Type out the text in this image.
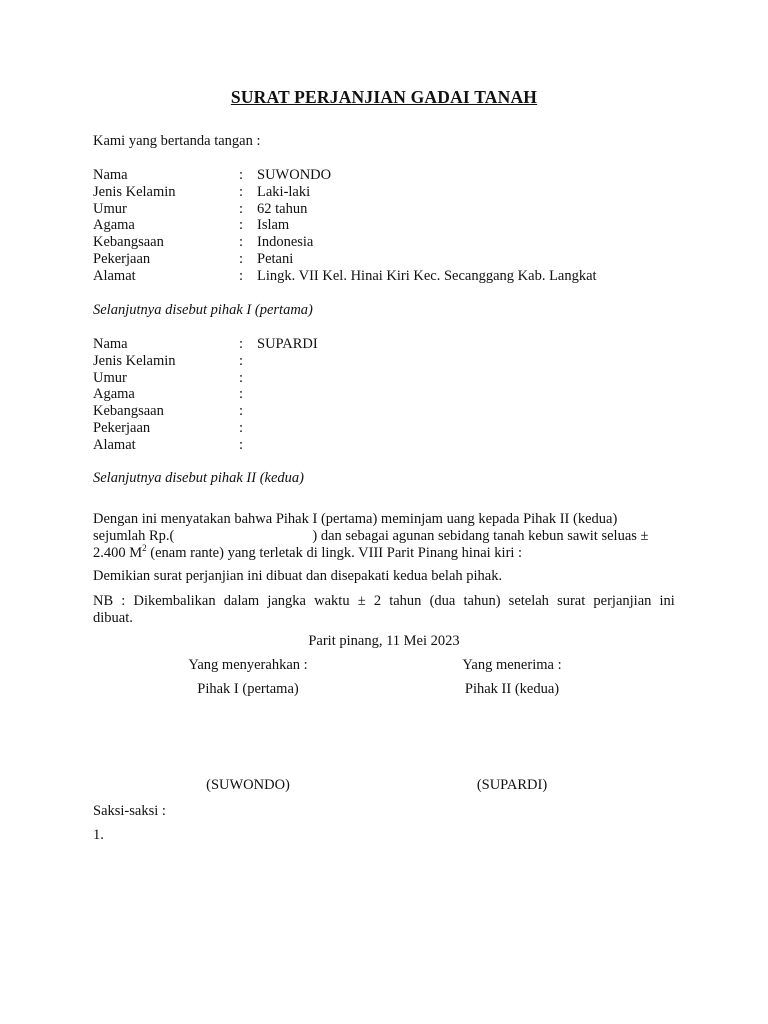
SURAT PERJANJIAN GADAI TANAH
Kami yang bertanda tangan :
Nama	: SUWONDO
Jenis Kelamin	: Laki-laki
Umur	: 62 tahun
Agama	: Islam
Kebangsaan	: Indonesia
Pekerjaan	: Petani
Alamat	: Lingk. VII Kel. Hinai Kiri Kec. Secanggang Kab. Langkat
Selanjutnya disebut pihak I (pertama)
Nama	: SUPARDI
Jenis Kelamin	:
Umur	:
Agama	:
Kebangsaan	:
Pekerjaan	:
Alamat	:
Selanjutnya disebut pihak II (kedua)
Dengan ini menyatakan bahwa Pihak I (pertama) meminjam uang kepada Pihak II (kedua)
sejumlah Rp.(	) dan sebagai agunan sebidang tanah kebun sawit seluas ±
2.400 $M^2$ (enam rante) yang terletak di lingk. VIII Parit Pinang hinai kiri :
Demikian surat perjanjian ini dibuat dan disepakati kedua belah pihak.
NB : Dikembalikan dalam jangka waktu ± 2 tahun (dua tahun) setelah surat perjanjian ini
dibuat.
Parit pinang, 11 Mei 2023
Yang menyerahkan :	Yang menerima :
Pihak I (pertama)	Pihak II (kedua)
(SUWONDO)	(SUPARDI)
Saksi-saksi :
1.
